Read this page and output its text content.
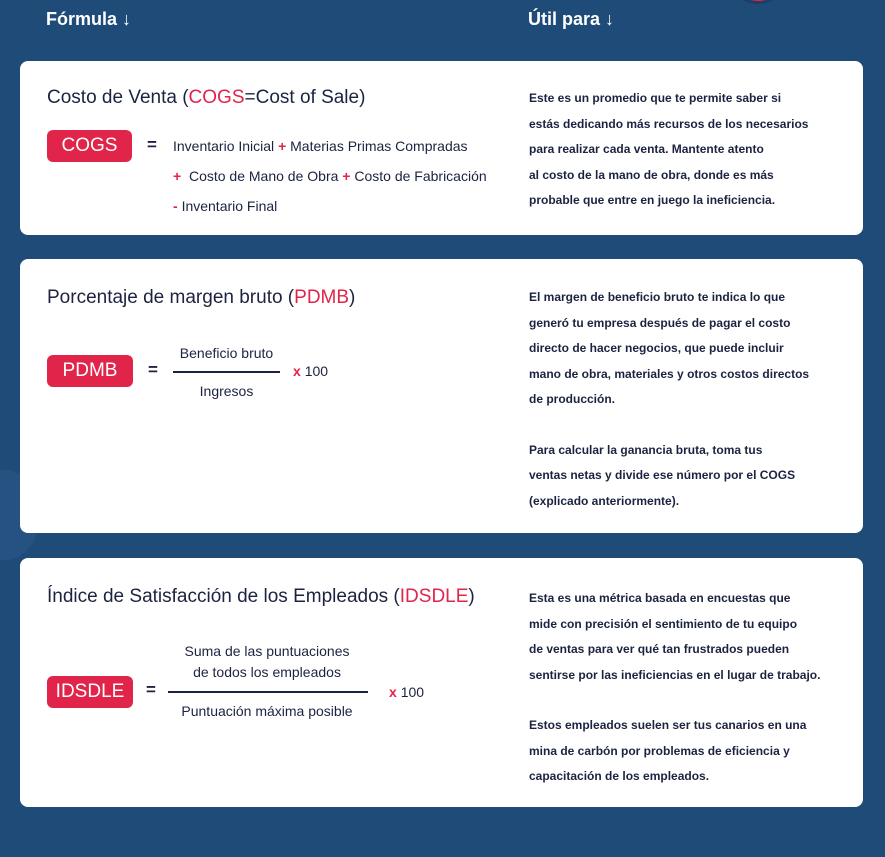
Fórmula ↓	Útil para ↓
Costo de Venta (COGS=Cost of Sale)
COGS	= Inventario Inicial + Materias Primas Compradas
+ Costo de Mano de Obra + Costo de Fabricación
- Inventario Final

Este es un promedio que te permite saber si

estás dedicando más recursos de los necesarios

para realizar cada venta. Mantente atento

al costo de la mano de obra, donde es más

probable que entre en juego la ineficiencia.

Porcentaje de margen bruto (PDMB)
PDMB	=
Beneficio bruto
Ingresos
x 100

El margen de beneficio bruto te indica lo que

generó tu empresa después de pagar el costo

directo de hacer negocios, que puede incluir

mano de obra, materiales y otros costos directos

de producción.

Para calcular la ganancia bruta, toma tus

ventas netas y divide ese número por el COGS

(explicado anteriormente).

Índice de Satisfacción de los Empleados (IDSDLE)
IDSDLE	=
Suma de las puntuaciones
de todos los empleados
Puntuación máxima posible
x 100

Esta es una métrica basada en encuestas que

mide con precisión el sentimiento de tu equipo

de ventas para ver qué tan frustrados pueden

sentirse por las ineficiencias en el lugar de trabajo.

Estos empleados suelen ser tus canarios en una

mina de carbón por problemas de eficiencia y

capacitación de los empleados.
